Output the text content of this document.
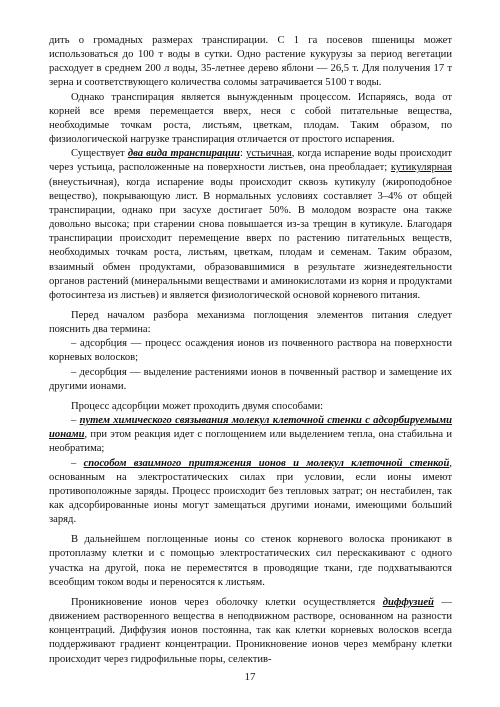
дить о громадных размерах транспирации. С 1 га посевов пшеницы может использоваться до 100 т воды в сутки. Одно растение кукурузы за период вегетации расходует в среднем 200 л воды, 35-летнее дерево яблони — 26,5 т. Для получения 17 т зерна и соответствующего количества соломы затрачивается 5100 т воды.

Однако транспирация является вынужденным процессом. Испаряясь, вода от корней все время перемещается вверх, неся с собой питательные вещества, необходимые точкам роста, листьям, цветкам, плодам. Таким образом, по физиологической нагрузке транспирация отличается от простого испарения.

Существует два вида транспирации: устьичная, когда испарение воды происходит через устьица, расположенные на поверхности листьев, она преобладает; кутикулярная (внеустьичная), когда испарение воды происходит сквозь кутикулу (жироподобное вещество), покрывающую лист. В нормальных условиях составляет 3–4% от общей транспирации, однако при засухе достигает 50%. В молодом возрасте она также довольно высока; при старении снова повышается из-за трещин в кутикуле. Благодаря транспирации происходит перемещение вверх по растению питательных веществ, необходимых точкам роста, листьям, цветкам, плодам и семенам. Таким образом, взаимный обмен продуктами, образовавшимися в результате жизнедеятельности органов растений (минеральными веществами и аминокислотами из корня и продуктами фотосинтеза из листьев) и является физиологической основой корневого питания.

Перед началом разбора механизма поглощения элементов питания следует пояснить два термина:

– адсорбция — процесс осаждения ионов из почвенного раствора на поверхности корневых волосков;

– десорбция — выделение растениями ионов в почвенный раствор и замещение их другими ионами.

Процесс адсорбции может проходить двумя способами:

– путем химического связывания молекул клеточной стенки с адсорбируемыми ионами, при этом реакция идет с поглощением или выделением тепла, она стабильна и необратима;

– способом взаимного притяжения ионов и молекул клеточной стенкой, основанным на электростатических силах при условии, если ионы имеют противоположные заряды. Процесс происходит без тепловых затрат; он нестабилен, так как адсорбированные ионы могут замещаться другими ионами, имеющими больший заряд.

В дальнейшем поглощенные ионы со стенок корневого волоска проникают в протоплазму клетки и с помощью электростатических сил перескакивают с одного участка на другой, пока не переместятся в проводящие ткани, где подхватываются всеобщим током воды и переносятся к листьям.

Проникновение ионов через оболочку клетки осуществляется диффузией — движением растворенного вещества в неподвижном растворе, основанном на разности концентраций. Диффузия ионов постоянна, так как клетки корневых волосков всегда поддерживают градиент концентрации. Проникновение ионов через мембрану клетки происходит через гидрофильные поры, селектив-

17
